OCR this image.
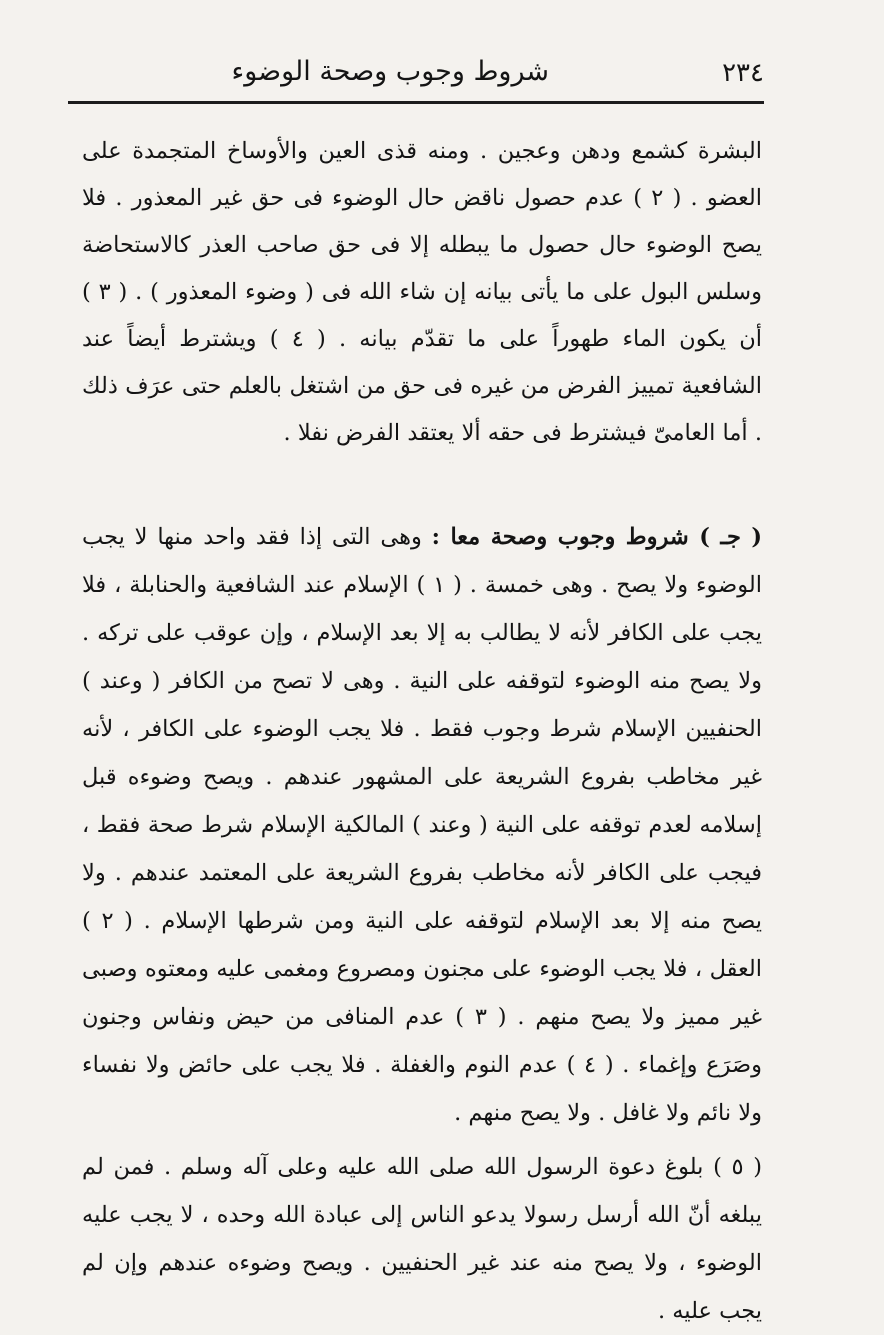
٢٣٤
شروط وجوب وصحة الوضوء

البشرة كشمع ودهن وعجين . ومنه قذى العين والأوساخ المتجمدة على العضو . ( ٢ ) عدم حصول ناقض حال الوضوء فى حق غير المعذور . فلا يصح الوضوء حال حصول ما يبطله إلا فى حق صاحب العذر كالاستحاضة وسلس البول على ما يأتى بيانه إن شاء الله فى ( وضوء المعذور ) . ( ٣ ) أن يكون الماء طهوراً على ما تقدّم بيانه . ( ٤ ) ويشترط أيضاً عند الشافعية تمييز الفرض من غيره فى حق من اشتغل بالعلم حتى عرَف ذلك . أما العامىّ فيشترط فى حقه ألا يعتقد الفرض نفلا .

( جـ ) شروط وجوب وصحة معا : وهى التى إذا فقد واحد منها لا يجب الوضوء ولا يصح . وهى خمسة . ( ١ ) الإسلام عند الشافعية والحنابلة ، فلا يجب على الكافر لأنه لا يطالب به إلا بعد الإسلام ، وإن عوقب على تركه . ولا يصح منه الوضوء لتوقفه على النية . وهى لا تصح من الكافر ( وعند ) الحنفيين الإسلام شرط وجوب فقط . فلا يجب الوضوء على الكافر ، لأنه غير مخاطب بفروع الشريعة على المشهور عندهم . ويصح وضوءه قبل إسلامه لعدم توقفه على النية ( وعند ) المالكية الإسلام شرط صحة فقط ، فيجب على الكافر لأنه مخاطب بفروع الشريعة على المعتمد عندهم . ولا يصح منه إلا بعد الإسلام لتوقفه على النية ومن شرطها الإسلام . ( ٢ ) العقل ، فلا يجب الوضوء على مجنون ومصروع ومغمى عليه ومعتوه وصبى غير مميز ولا يصح منهم . ( ٣ ) عدم المنافى من حيض ونفاس وجنون وصَرَع وإغماء . ( ٤ ) عدم النوم والغفلة . فلا يجب على حائض ولا نفساء ولا نائم ولا غافل . ولا يصح منهم .

( ٥ ) بلوغ دعوة الرسول الله صلى الله عليه وعلى آله وسلم . فمن لم يبلغه أنّ الله أرسل رسولا يدعو الناس إلى عبادة الله وحده ، لا يجب عليه الوضوء ، ولا يصح منه عند غير الحنفيين . ويصح وضوءه عندهم وإن لم يجب عليه .
